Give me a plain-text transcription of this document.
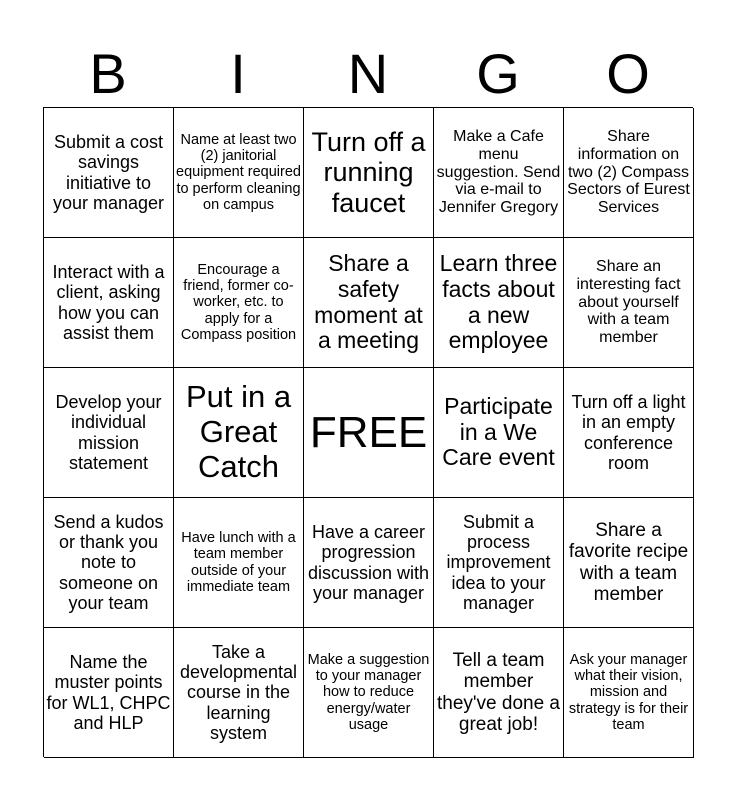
B	I	N	G	O
Submit a cost savings initiative to your manager
Name at least two (2) janitorial equipment required to perform cleaning on campus
Turn off a running faucet
Make a Cafe menu suggestion. Send via e-mail to Jennifer Gregory
Share information on two (2) Compass Sectors of Eurest Services
Interact with a client, asking how you can assist them
Encourage a friend, former co-worker, etc. to apply for a Compass position
Share a safety moment at a meeting
Learn three facts about a new employee
Share an interesting fact about yourself with a team member
Develop your individual mission statement
Put in a Great Catch
FREE
Participate in a We Care event
Turn off a light in an empty conference room
Send a kudos or thank you note to someone on your team
Have lunch with a team member outside of your immediate team
Have a career progression discussion with your manager
Submit a process improvement idea to your manager
Share a favorite recipe with a team member
Name the muster points for WL1, CHPC and HLP
Take a developmental course in the learning system
Make a suggestion to your manager how to reduce energy/water usage
Tell a team member they've done a great job!
Ask your manager what their vision, mission and strategy is for their team
